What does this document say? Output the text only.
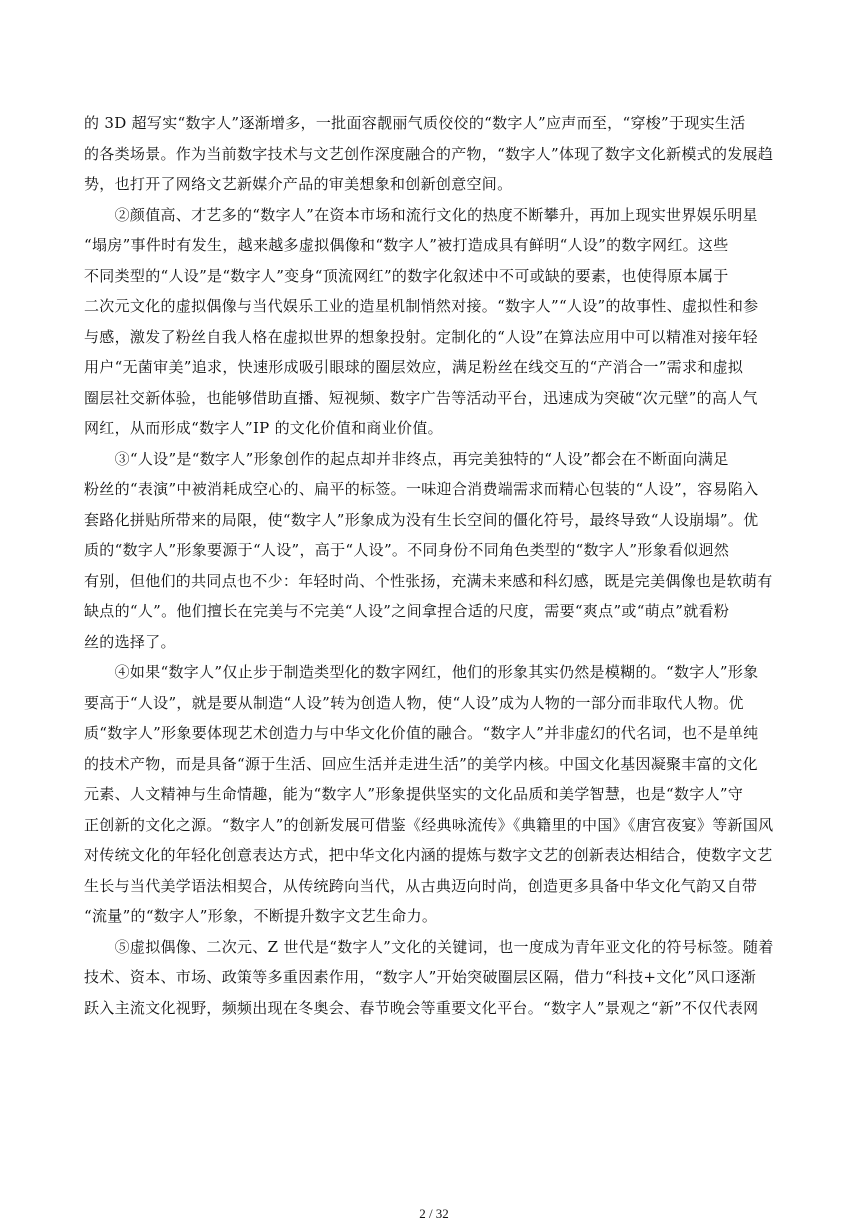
的 3D 超写实“数字人”逐渐增多，一批面容靓丽气质佼佼的“数字人”应声而至，“穿梭”于现实生活
的各类场景。作为当前数字技术与文艺创作深度融合的产物，“数字人”体现了数字文化新模式的发展趋
势，也打开了网络文艺新媒介产品的审美想象和创新创意空间。
　　②颜值高、才艺多的“数字人”在资本市场和流行文化的热度不断攀升，再加上现实世界娱乐明星
“塌房”事件时有发生，越来越多虚拟偶像和“数字人”被打造成具有鲜明“人设”的数字网红。这些
不同类型的“人设”是“数字人”变身“顶流网红”的数字化叙述中不可或缺的要素，也使得原本属于
二次元文化的虚拟偶像与当代娱乐工业的造星机制悄然对接。“数字人”“人设”的故事性、虚拟性和参
与感，激发了粉丝自我人格在虚拟世界的想象投射。定制化的“人设”在算法应用中可以精准对接年轻
用户“无菌审美”追求，快速形成吸引眼球的圈层效应，满足粉丝在线交互的“产消合一”需求和虚拟
圈层社交新体验，也能够借助直播、短视频、数字广告等活动平台，迅速成为突破“次元壁”的高人气
网红，从而形成“数字人”IP 的文化价值和商业价值。
　　③“人设”是“数字人”形象创作的起点却并非终点，再完美独特的“人设”都会在不断面向满足
粉丝的“表演”中被消耗成空心的、扁平的标签。一味迎合消费端需求而精心包装的“人设”，容易陷入
套路化拼贴所带来的局限，使“数字人”形象成为没有生长空间的僵化符号，最终导致“人设崩塌”。优
质的“数字人”形象要源于“人设”，高于“人设”。不同身份不同角色类型的“数字人”形象看似迥然
有别，但他们的共同点也不少：年轻时尚、个性张扬，充满未来感和科幻感，既是完美偶像也是软萌有
缺点的“人”。他们擅长在完美与不完美“人设”之间拿捏合适的尺度，需要“爽点”或“萌点”就看粉
丝的选择了。
　　④如果“数字人”仅止步于制造类型化的数字网红，他们的形象其实仍然是模糊的。“数字人”形象
要高于“人设”，就是要从制造“人设”转为创造人物，使“人设”成为人物的一部分而非取代人物。优
质“数字人”形象要体现艺术创造力与中华文化价值的融合。“数字人”并非虚幻的代名词，也不是单纯
的技术产物，而是具备“源于生活、回应生活并走进生活”的美学内核。中国文化基因凝聚丰富的文化
元素、人文精神与生命情趣，能为“数字人”形象提供坚实的文化品质和美学智慧，也是“数字人”守
正创新的文化之源。“数字人”的创新发展可借鉴《经典咏流传》《典籍里的中国》《唐宫夜宴》等新国风
对传统文化的年轻化创意表达方式，把中华文化内涵的提炼与数字文艺的创新表达相结合，使数字文艺
生长与当代美学语法相契合，从传统跨向当代，从古典迈向时尚，创造更多具备中华文化气韵又自带
“流量”的“数字人”形象，不断提升数字文艺生命力。
　　⑤虚拟偶像、二次元、Z 世代是“数字人”文化的关键词，也一度成为青年亚文化的符号标签。随着
技术、资本、市场、政策等多重因素作用，“数字人”开始突破圈层区隔，借力“科技+文化”风口逐渐
跃入主流文化视野，频频出现在冬奥会、春节晚会等重要文化平台。“数字人”景观之“新”不仅代表网
2 / 32
